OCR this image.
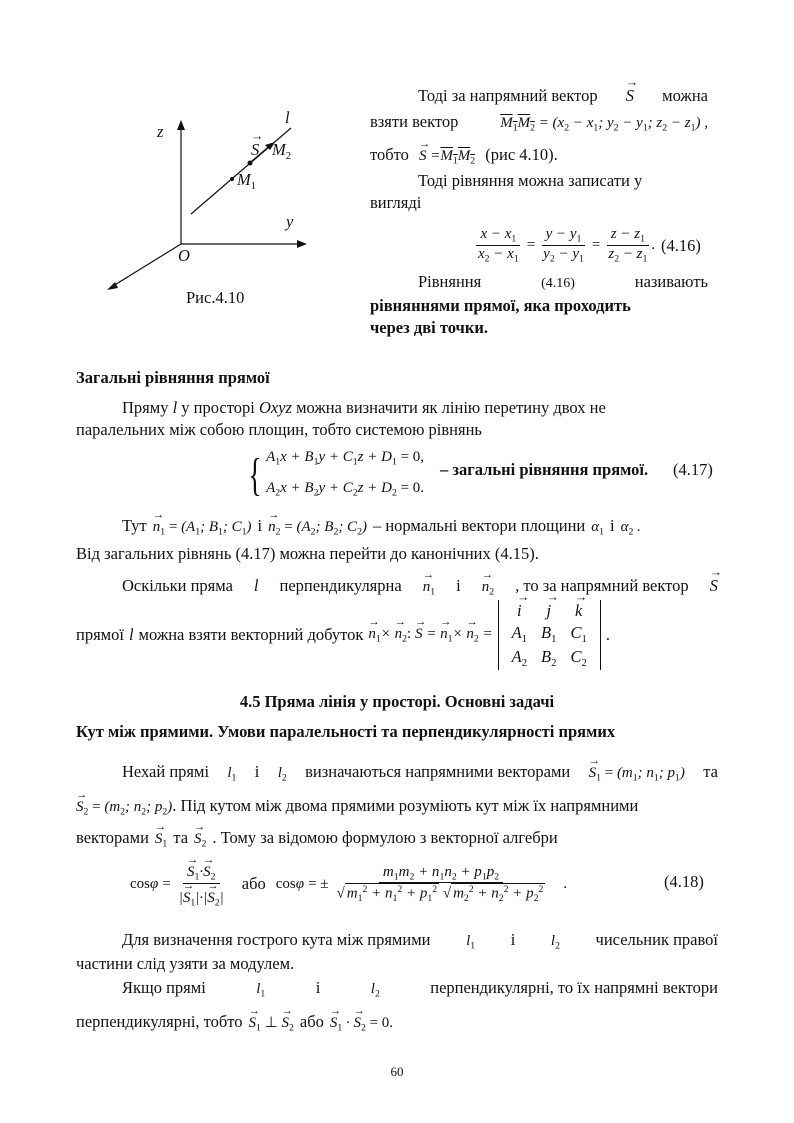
z
l
→ S $M_2$
$M_1$
y
O
Рис.4.10
Тоді за напрямний вектор → S можна
взяти вектор	$M_1M_2 = (x_2 - x_1$; $y_2 - y_1$; $z_2 - z_1$) ,
тобто → $S =M_1M_2$ (рис 4.10).
Тоді рівняння можна записати у
вигляді
$\frac{x - x_1}{x_2 - x_1} = \frac{y - y_1}{y_2 - y_1} = \frac{z - z_1}{z_2 - z_1}$ . (4.16)
Рівняння	(4.16)	називають
рівняннями прямої, яка проходить
через дві точки.
Загальні рівняння прямої
Пряму l у просторі Oxyz можна визначити як лінію перетину двох не
паралельних між собою площин, тобто системою рівнянь
{ $A_1x + B_1y + C_1z + D_1 = 0$,
$A_2x + B_2y + C_2z + D_2 = 0$.
– загальні рівняння прямої. (4.17)
Тут → $n_1 = (A_1$; $B_1$; $C_1$) $і \to n_2 = (A_2$; $B_2$; $C_2$) – нормальні вектори площини $\alpha_1$ і $\alpha_2$ .
Від загальних рівнянь (4.17) можна перейти до канонічних (4.15).
Оскільки пряма l перпендикулярна → $n_1$ $і \to n_2$ , то за напрямний вектор → S
прямої l можна взяти векторний добуток → $n_1\times \to n_2$: → S = → $n_1\times \to n_2$ =
→ i	→ j	→ k
$A_1$	$B_1$	$C_1$
$A_2$	$B_2$	$C_2$
.
4.5 Пряма лінія у просторі. Основні задачі
Кут між прямими. Умови паралельності та перпендикулярності прямих
Нехай прямі $l_1$ і $l_2$ визначаються напрямними векторами → $S_1 = (m_1$; $n_1$; $p_1$) та
→ $S_2 = (m_2$; $n_2$; $p_2$). Під кутом між двома прямими розуміють кут між їх напрямними
векторами → $S_1$ та → $S_2$ . Тому за відомою формулою з векторної алгебри
cos φ = → $\frac{S_1\cdot\to S_2}{|\to S_1|\cdot|\to S_2|}$ або cos φ = ± $\frac{m_1m_2 + n_1n_2 + p_1p_2}{√ m_1^2 + n_1^2 + p_1^2 √ m_2^2 + n_2^2 + p_2^2}$ .	(4.18)
Для визначення гострого кута між прямими $l_1$ і $l_2$ чисельник правої
частини слід узяти за модулем.
Якщо прямі	$l_1$	і	$l_2$	перпендикулярні, то їх напрямні вектори
перпендикулярні, тобто → $S_1$ ⊥ → $S_2$ або → $S_1$ · → $S_2 = 0$.
60
